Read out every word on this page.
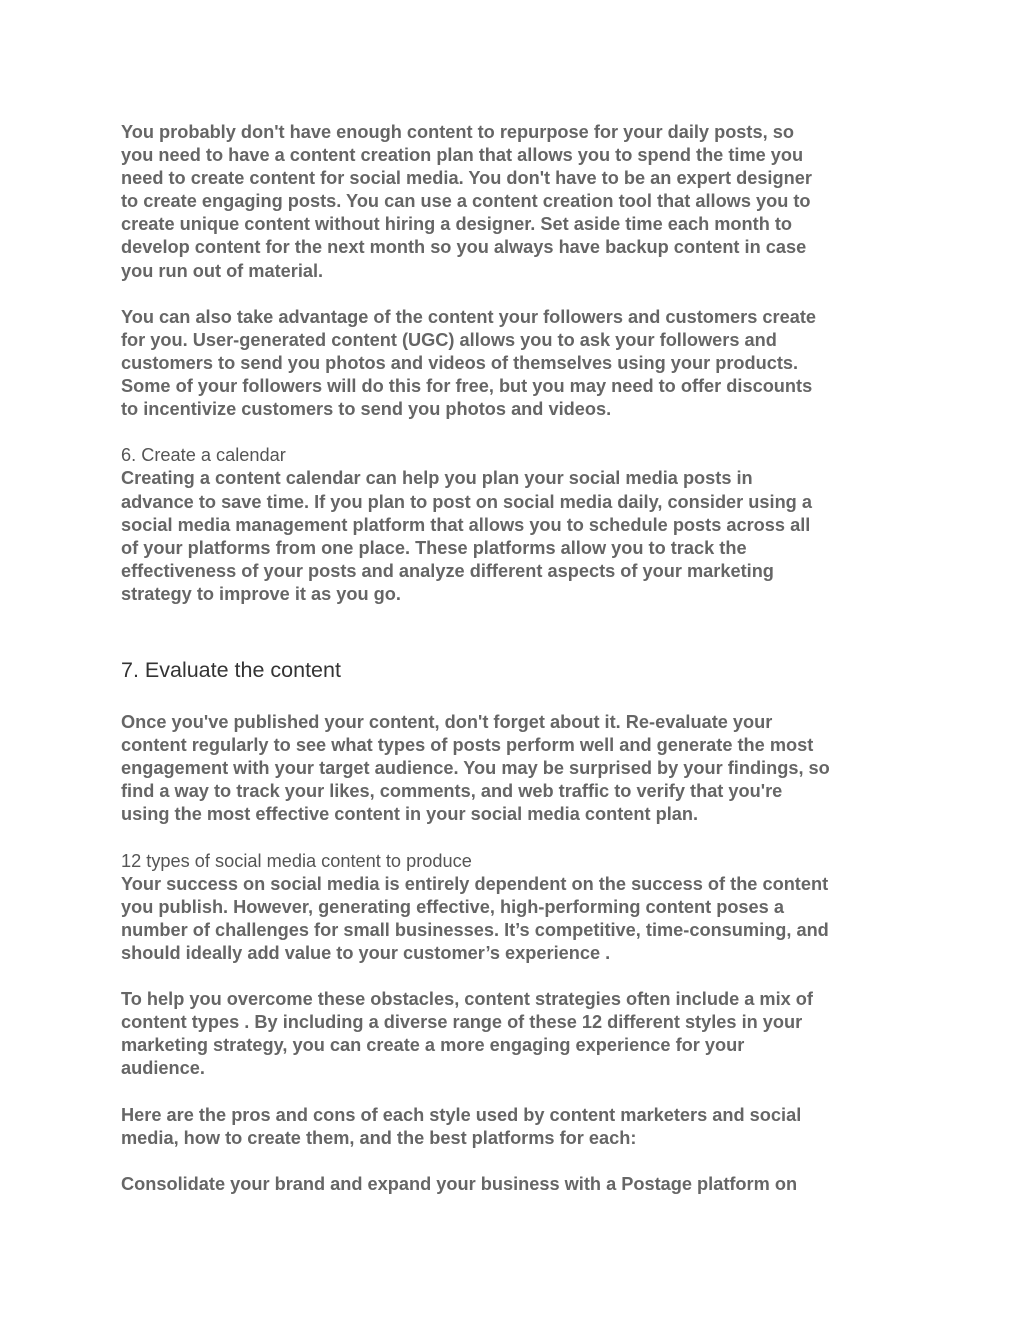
You probably don't have enough content to repurpose for your daily posts, so
you need to have a content creation plan that allows you to spend the time you
need to create content for social media. You don't have to be an expert designer
to create engaging posts. You can use a content creation tool that allows you to
create unique content without hiring a designer. Set aside time each month to
develop content for the next month so you always have backup content in case
you run out of material.

You can also take advantage of the content your followers and customers create
for you. User-generated content (UGC) allows you to ask your followers and
customers to send you photos and videos of themselves using your products.
Some of your followers will do this for free, but you may need to offer discounts
to incentivize customers to send you photos and videos.

6. Create a calendar

Creating a content calendar can help you plan your social media posts in
advance to save time. If you plan to post on social media daily, consider using a
social media management platform that allows you to schedule posts across all
of your platforms from one place. These platforms allow you to track the
effectiveness of your posts and analyze different aspects of your marketing
strategy to improve it as you go.

7. Evaluate the content

Once you've published your content, don't forget about it. Re-evaluate your
content regularly to see what types of posts perform well and generate the most
engagement with your target audience. You may be surprised by your findings, so
find a way to track your likes, comments, and web traffic to verify that you're
using the most effective content in your social media content plan.

12 types of social media content to produce

Your success on social media is entirely dependent on the success of the content
you publish. However, generating effective, high-performing content poses a
number of challenges for small businesses. It’s competitive, time-consuming, and
should ideally add value to your customer’s experience .

To help you overcome these obstacles, content strategies often include a mix of
content types . By including a diverse range of these 12 different styles in your
marketing strategy, you can create a more engaging experience for your
audience.

Here are the pros and cons of each style used by content marketers and social
media, how to create them, and the best platforms for each:

Consolidate your brand and expand your business with a Postage platform on
